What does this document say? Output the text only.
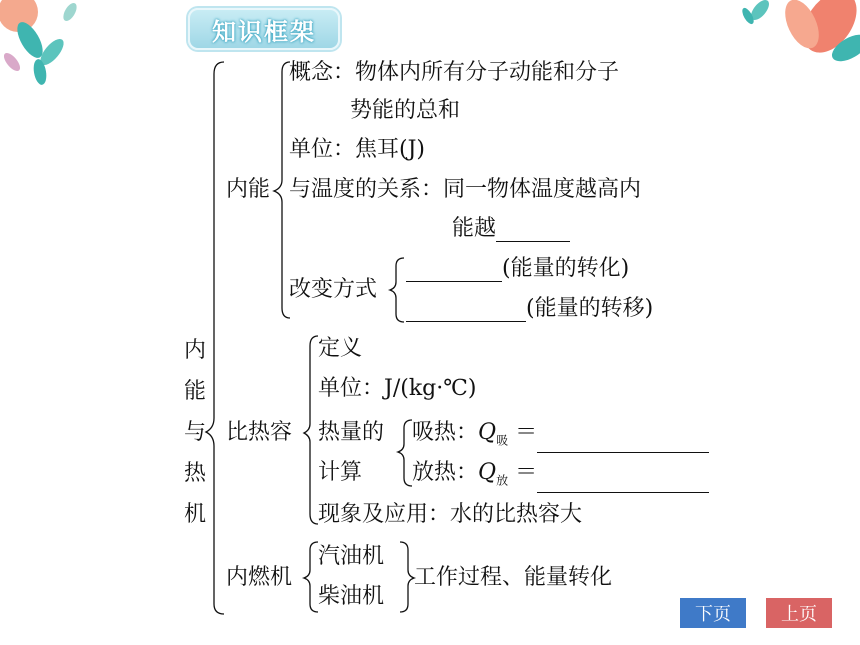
知识框架
内
能
与
热
机
内能
概念：物体内所有分子动能和分子
势能的总和
单位：焦耳(J)
与温度的关系：同一物体温度越高内
能越
改变方式
(能量的转化)
(能量的转移)
比热容
定义
单位：J/(kg·℃)
热量的
计算
吸热：$Q_吸$ ＝
放热：$Q_放$ ＝
现象及应用：水的比热容大
内燃机
汽油机
柴油机
工作过程、能量转化
下页	上页
